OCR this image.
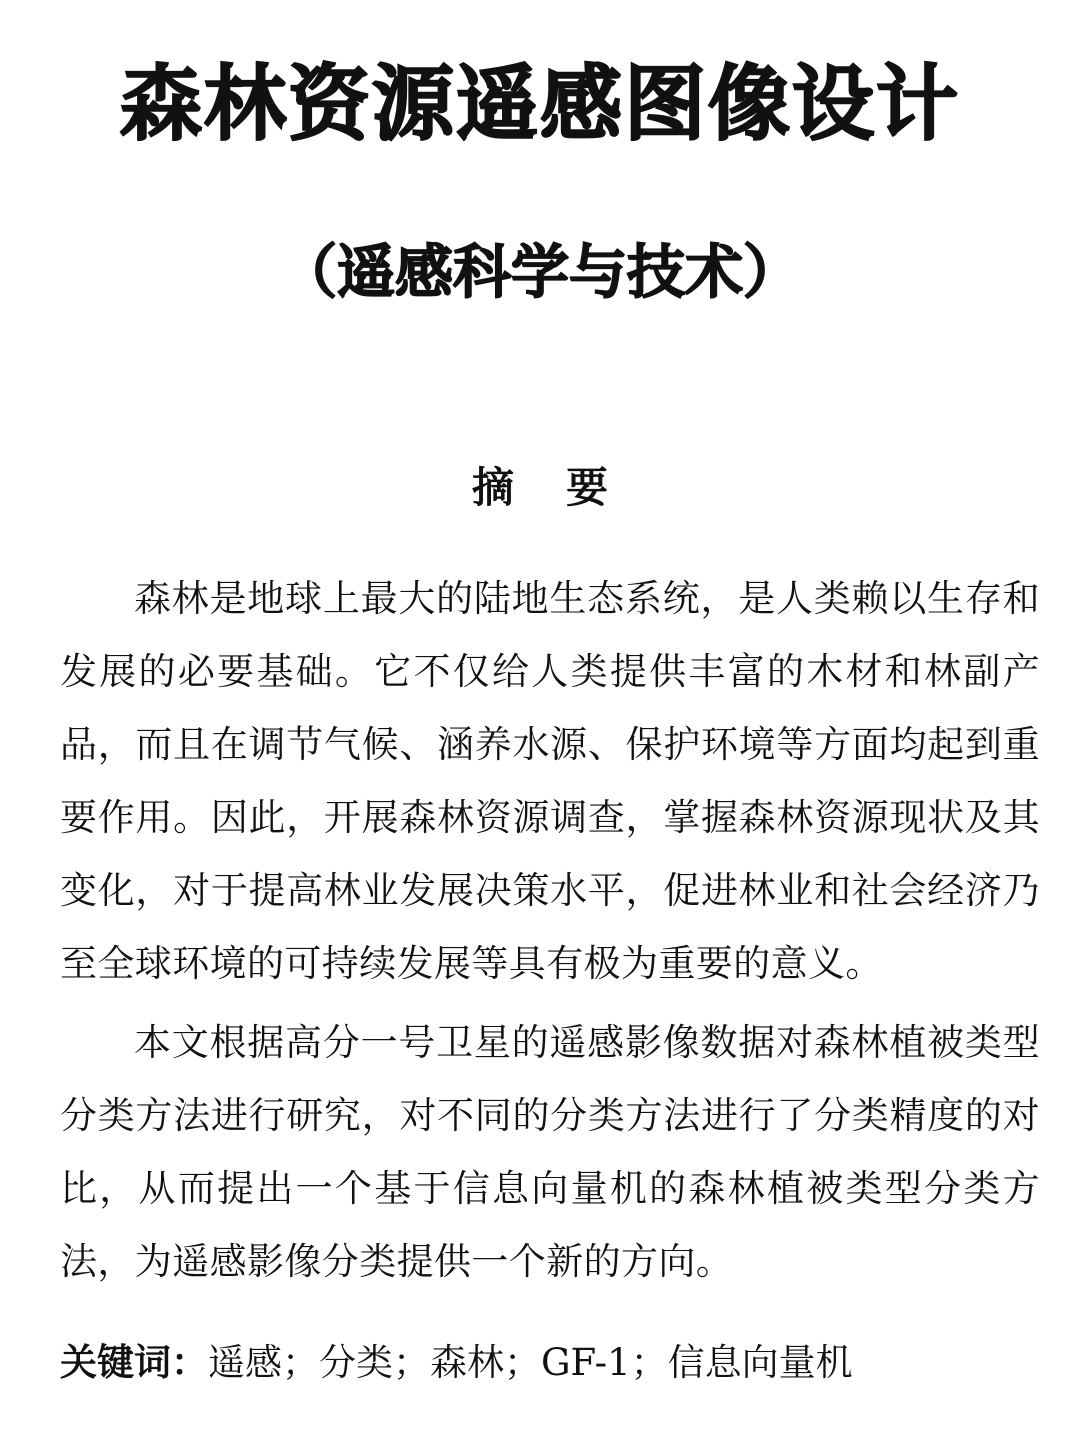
森林资源遥感图像设计
（遥感科学与技术）
摘要

森林是地球上最大的陆地生态系统，是人类赖以生存和发展的必要基础。它不仅给人类提供丰富的木材和林副产品，而且在调节气候、涵养水源、保护环境等方面均起到重要作用。因此，开展森林资源调查，掌握森林资源现状及其变化，对于提高林业发展决策水平，促进林业和社会经济乃至全球环境的可持续发展等具有极为重要的意义。

本文根据高分一号卫星的遥感影像数据对森林植被类型分类方法进行研究，对不同的分类方法进行了分类精度的对比，从而提出一个基于信息向量机的森林植被类型分类方法，为遥感影像分类提供一个新的方向。

关键词：遥感；分类；森林；GF-1；信息向量机
